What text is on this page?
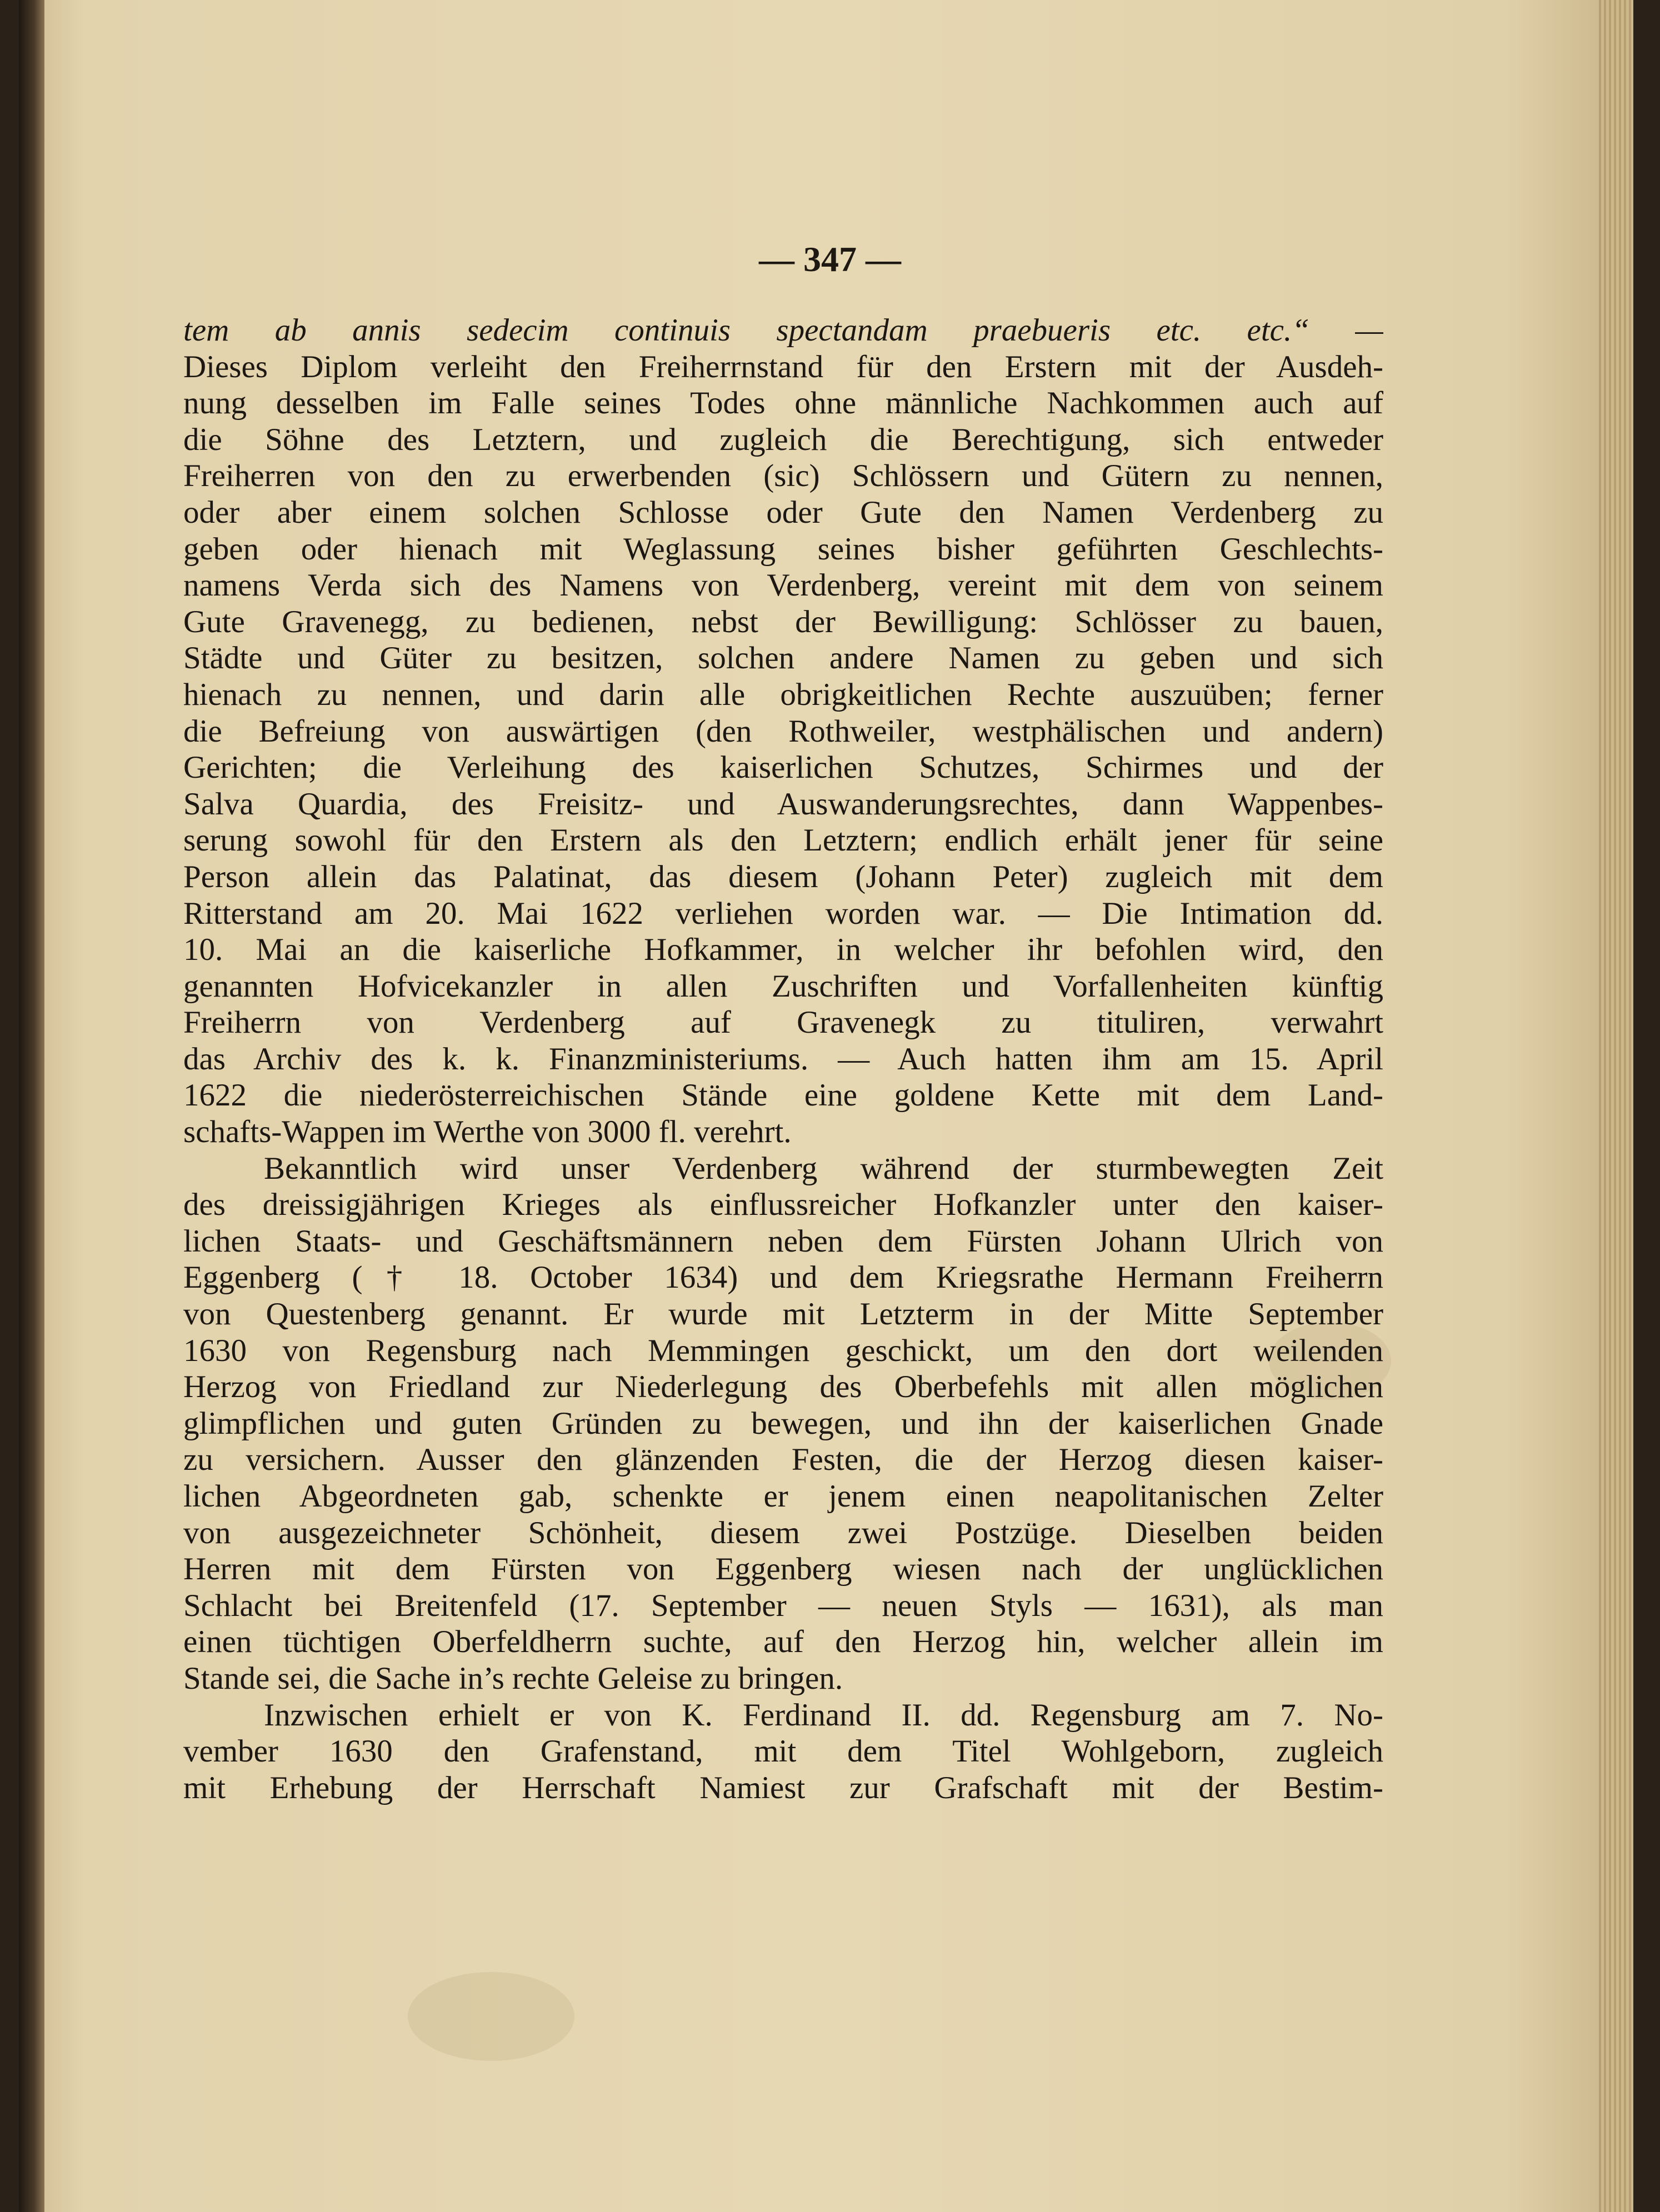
— 347 —
tem ab annis sedecim continuis spectandam praebueris etc. etc.“ —
Dieses Diplom verleiht den Freiherrnstand für den Erstern mit der Ausdeh-
nung desselben im Falle seines Todes ohne männliche Nachkommen auch auf
die Söhne des Letztern, und zugleich die Berechtigung, sich entweder
Freiherren von den zu erwerbenden (sic) Schlössern und Gütern zu nennen,
oder aber einem solchen Schlosse oder Gute den Namen Verdenberg zu
geben oder hienach mit Weglassung seines bisher geführten Geschlechts-
namens Verda sich des Namens von Verdenberg, vereint mit dem von seinem
Gute Gravenegg, zu bedienen, nebst der Bewilligung: Schlösser zu bauen,
Städte und Güter zu besitzen, solchen andere Namen zu geben und sich
hienach zu nennen, und darin alle obrigkeitlichen Rechte auszuüben; ferner
die Befreiung von auswärtigen (den Rothweiler, westphälischen und andern)
Gerichten; die Verleihung des kaiserlichen Schutzes, Schirmes und der
Salva Quardia, des Freisitz- und Auswanderungsrechtes, dann Wappenbes-
serung sowohl für den Erstern als den Letztern; endlich erhält jener für seine
Person allein das Palatinat, das diesem (Johann Peter) zugleich mit dem
Ritterstand am 20. Mai 1622 verliehen worden war. — Die Intimation dd.
10. Mai an die kaiserliche Hofkammer, in welcher ihr befohlen wird, den
genannten Hofvicekanzler in allen Zuschriften und Vorfallenheiten künftig
Freiherrn von Verdenberg auf Gravenegk zu tituliren, verwahrt
das Archiv des k. k. Finanzministeriums. — Auch hatten ihm am 15. April
1622 die niederösterreichischen Stände eine goldene Kette mit dem Land-
schafts-Wappen im Werthe von 3000 fl. verehrt.
Bekanntlich wird unser Verdenberg während der sturmbewegten Zeit
des dreissigjährigen Krieges als einflussreicher Hofkanzler unter den kaiser-
lichen Staats- und Geschäftsmännern neben dem Fürsten Johann Ulrich von
Eggenberg († 18. October 1634) und dem Kriegsrathe Hermann Freiherrn
von Questenberg genannt. Er wurde mit Letzterm in der Mitte September
1630 von Regensburg nach Memmingen geschickt, um den dort weilenden
Herzog von Friedland zur Niederlegung des Oberbefehls mit allen möglichen
glimpflichen und guten Gründen zu bewegen, und ihn der kaiserlichen Gnade
zu versichern. Ausser den glänzenden Festen, die der Herzog diesen kaiser-
lichen Abgeordneten gab, schenkte er jenem einen neapolitanischen Zelter
von ausgezeichneter Schönheit, diesem zwei Postzüge. Dieselben beiden
Herren mit dem Fürsten von Eggenberg wiesen nach der unglücklichen
Schlacht bei Breitenfeld (17. September — neuen Styls — 1631), als man
einen tüchtigen Oberfeldherrn suchte, auf den Herzog hin, welcher allein im
Stande sei, die Sache in’s rechte Geleise zu bringen.
Inzwischen erhielt er von K. Ferdinand II. dd. Regensburg am 7. No-
vember 1630 den Grafenstand, mit dem Titel Wohlgeborn, zugleich
mit Erhebung der Herrschaft Namiest zur Grafschaft mit der Bestim-
